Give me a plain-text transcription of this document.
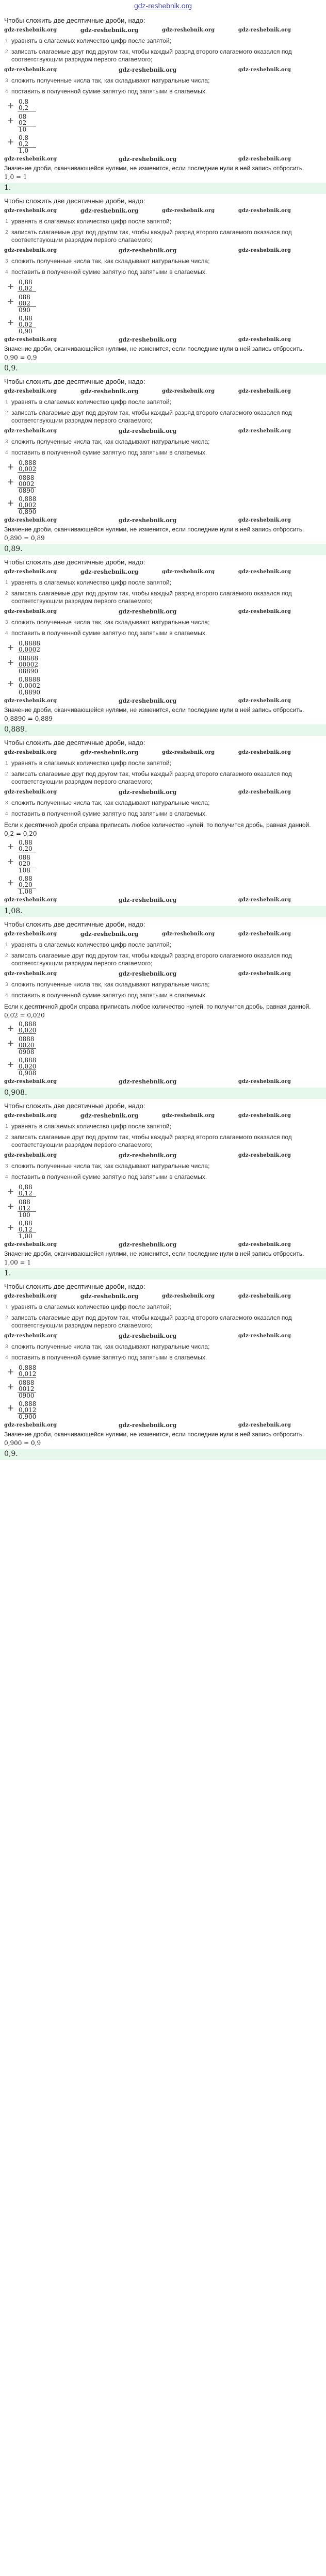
gdz-reshebnik.org
Чтобы сложить две десятичные дроби, надо:
gdz-reshebnik.org	gdz-reshebnik.org	gdz-reshebnik.org	gdz-reshebnik.org
1 уравнять в слагаемых количество цифр после запятой;
2 записать слагаемые друг под другом так, чтобы каждый разряд второго слагаемого оказался под соответствующим разрядом первого слагаемого;
gdz-reshebnik.org	gdz-reshebnik.org	gdz-reshebnik.org
3 сложить полученные числа так, как складывают натуральные числа;
4 поставить в полученной сумме запятую под запятыми в слагаемых.
+ 0,8
0,2
+ 08
02
10
+ 0,8
0,2
1,0
gdz-reshebnik.org	gdz-reshebnik.org	gdz-reshebnik.org
Значение дроби, оканчивающейся нулями, не изменится, если последние нули в ней запись отбросить.
1,0 = 1
1.
Чтобы сложить две десятичные дроби, надо:
gdz-reshebnik.org	gdz-reshebnik.org	gdz-reshebnik.org	gdz-reshebnik.org
1 уравнять в слагаемых количество цифр после запятой;
2 записать слагаемые друг под другом так, чтобы каждый разряд второго слагаемого оказался под соответствующим разрядом первого слагаемого;
gdz-reshebnik.org	gdz-reshebnik.org	gdz-reshebnik.org
3 сложить полученные числа так, как складывают натуральные числа;
4 поставить в полученной сумме запятую под запятыми в слагаемых.
+ 0,88
0,02
+ 088
002
090
+ 0,88
0,02
0,90
gdz-reshebnik.org	gdz-reshebnik.org	gdz-reshebnik.org
Значение дроби, оканчивающейся нулями, не изменится, если последние нули в ней запись отбросить.
0,90 = 0,9
0,9.
Чтобы сложить две десятичные дроби, надо:
gdz-reshebnik.org	gdz-reshebnik.org	gdz-reshebnik.org	gdz-reshebnik.org
1 уравнять в слагаемых количество цифр после запятой;
2 записать слагаемые друг под другом так, чтобы каждый разряд второго слагаемого оказался под соответствующим разрядом первого слагаемого;
gdz-reshebnik.org	gdz-reshebnik.org	gdz-reshebnik.org
3 сложить полученные числа так, как складывают натуральные числа;
4 поставить в полученной сумме запятую под запятыми в слагаемых.
+ 0,888
0,002
+ 0888
0002
0890
+ 0,888
0,002
0,890
gdz-reshebnik.org	gdz-reshebnik.org	gdz-reshebnik.org
Значение дроби, оканчивающейся нулями, не изменится, если последние нули в ней запись отбросить.
0,890 = 0,89
0,89.
Чтобы сложить две десятичные дроби, надо:
gdz-reshebnik.org	gdz-reshebnik.org	gdz-reshebnik.org	gdz-reshebnik.org
1 уравнять в слагаемых количество цифр после запятой;
2 записать слагаемые друг под другом так, чтобы каждый разряд второго слагаемого оказался под соответствующим разрядом первого слагаемого;
gdz-reshebnik.org	gdz-reshebnik.org	gdz-reshebnik.org
3 сложить полученные числа так, как складывают натуральные числа;
4 поставить в полученной сумме запятую под запятыми в слагаемых.
+ 0,8888
0,0002
+ 08888
00002
08890
+ 0,8888
0,0002
0,8890
gdz-reshebnik.org	gdz-reshebnik.org	gdz-reshebnik.org
Значение дроби, оканчивающейся нулями, не изменится, если последние нули в ней запись отбросить.
0,8890 = 0,889
0,889.
Чтобы сложить две десятичные дроби, надо:
gdz-reshebnik.org	gdz-reshebnik.org	gdz-reshebnik.org	gdz-reshebnik.org
1 уравнять в слагаемых количество цифр после запятой;
2 записать слагаемые друг под другом так, чтобы каждый разряд второго слагаемого оказался под соответствующим разрядом первого слагаемого;
gdz-reshebnik.org	gdz-reshebnik.org	gdz-reshebnik.org
3 сложить полученные числа так, как складывают натуральные числа;
4 поставить в полученной сумме запятую под запятыми в слагаемых.
Если к десятичной дроби справа приписать любое количество нулей, то получится дробь, равная данной.
0,2 = 0,20
+ 0,88
0,20
+ 088
020
108
+ 0,88
0,20
1,08
gdz-reshebnik.org	gdz-reshebnik.org	gdz-reshebnik.org
1,08.
Чтобы сложить две десятичные дроби, надо:
gdz-reshebnik.org	gdz-reshebnik.org	gdz-reshebnik.org	gdz-reshebnik.org
1 уравнять в слагаемых количество цифр после запятой;
2 записать слагаемые друг под другом так, чтобы каждый разряд второго слагаемого оказался под соответствующим разрядом первого слагаемого;
gdz-reshebnik.org	gdz-reshebnik.org	gdz-reshebnik.org
3 сложить полученные числа так, как складывают натуральные числа;
4 поставить в полученной сумме запятую под запятыми в слагаемых.
Если к десятичной дроби справа приписать любое количество нулей, то получится дробь, равная данной.
0,02 = 0,020
+ 0,888
0,020
+ 0888
0020
0908
+ 0,888
0,020
0,908
gdz-reshebnik.org	gdz-reshebnik.org	gdz-reshebnik.org
0,908.
Чтобы сложить две десятичные дроби, надо:
gdz-reshebnik.org	gdz-reshebnik.org	gdz-reshebnik.org	gdz-reshebnik.org
1 уравнять в слагаемых количество цифр после запятой;
2 записать слагаемые друг под другом так, чтобы каждый разряд второго слагаемого оказался под соответствующим разрядом первого слагаемого;
gdz-reshebnik.org	gdz-reshebnik.org	gdz-reshebnik.org
3 сложить полученные числа так, как складывают натуральные числа;
4 поставить в полученной сумме запятую под запятыми в слагаемых.
+ 0,88
0,12
+ 088
012
100
+ 0,88
0,12
1,00
gdz-reshebnik.org	gdz-reshebnik.org	gdz-reshebnik.org
Значение дроби, оканчивающейся нулями, не изменится, если последние нули в ней запись отбросить.
1,00 = 1
1.
Чтобы сложить две десятичные дроби, надо:
gdz-reshebnik.org	gdz-reshebnik.org	gdz-reshebnik.org	gdz-reshebnik.org
1 уравнять в слагаемых количество цифр после запятой;
2 записать слагаемые друг под другом так, чтобы каждый разряд второго слагаемого оказался под соответствующим разрядом первого слагаемого;
gdz-reshebnik.org	gdz-reshebnik.org	gdz-reshebnik.org
3 сложить полученные числа так, как складывают натуральные числа;
4 поставить в полученной сумме запятую под запятыми в слагаемых.
+ 0,888
0,012
+ 0888
0012
0900
+ 0,888
0,012
0,900
gdz-reshebnik.org	gdz-reshebnik.org	gdz-reshebnik.org
Значение дроби, оканчивающейся нулями, не изменится, если последние нули в ней запись отбросить.
0,900 = 0,9
0,9.
